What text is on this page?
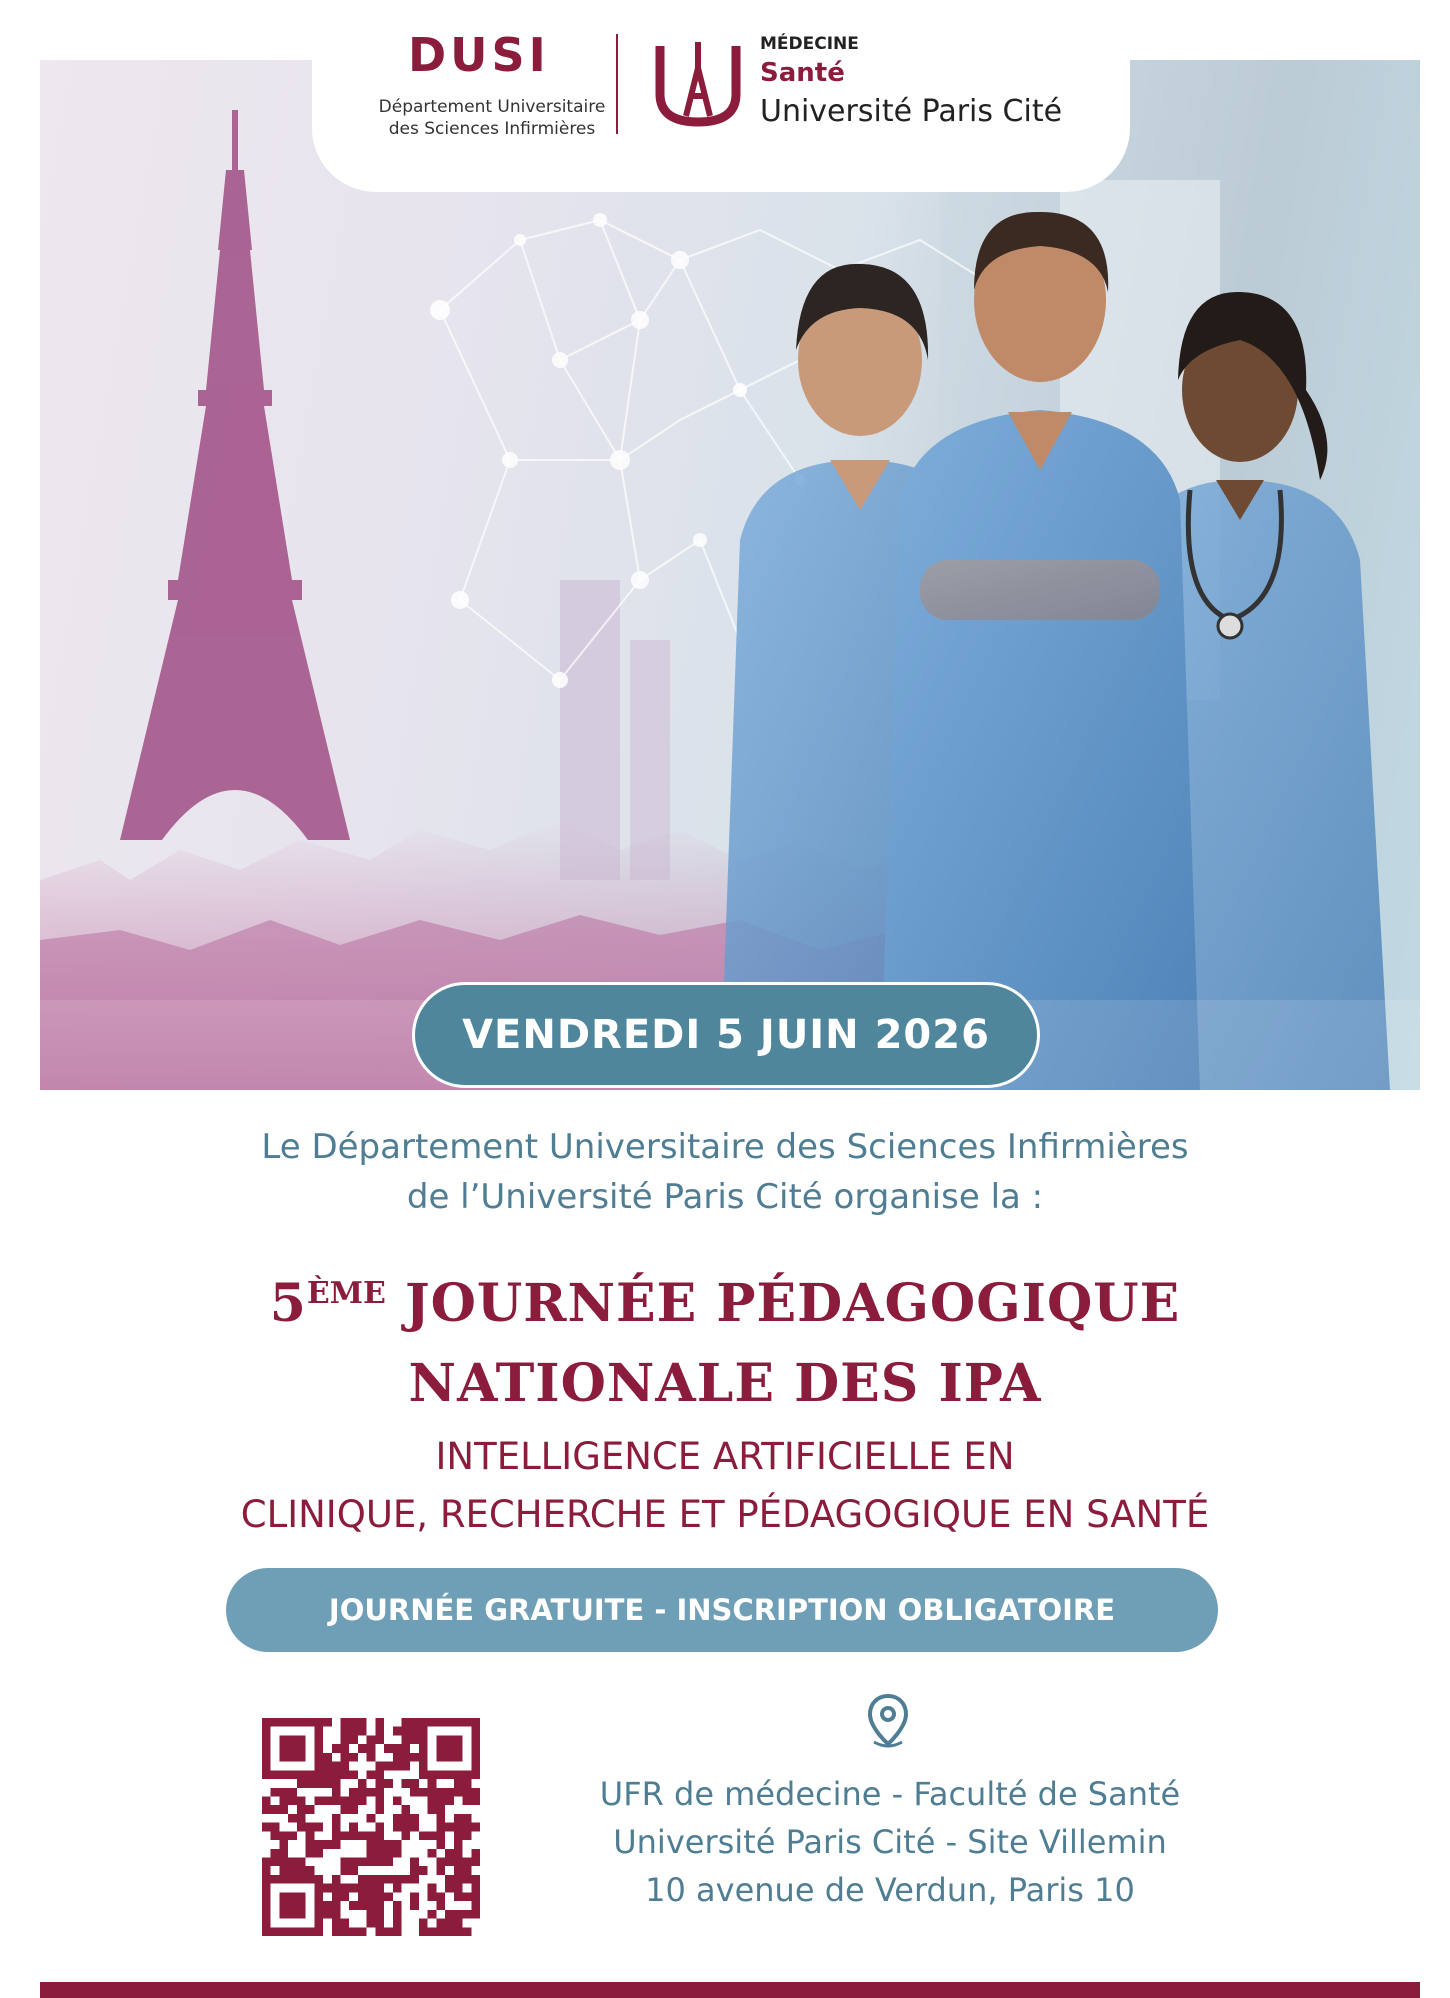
DUSI
Département Universitaire des Sciences Infirmières
MÉDECINE
Santé
Université Paris Cité
VENDREDI 5 JUIN 2026
Le Département Universitaire des Sciences Infirmières
de l’Université Paris Cité organise la :
5ÈME JOURNÉE PÉDAGOGIQUE
NATIONALE DES IPA
INTELLIGENCE ARTIFICIELLE EN
CLINIQUE, RECHERCHE ET PÉDAGOGIQUE EN SANTÉ
JOURNÉE GRATUITE - INSCRIPTION OBLIGATOIRE
UFR de médecine - Faculté de Santé
Université Paris Cité - Site Villemin
10 avenue de Verdun, Paris 10
